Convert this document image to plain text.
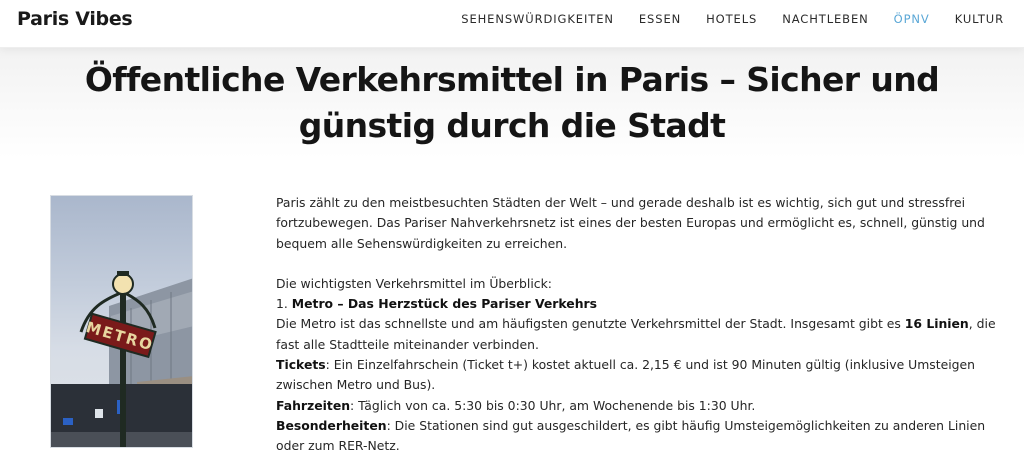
Paris Vibes	SEHENSWÜRDIGKEITEN ESSEN HOTELS NACHTLEBEN ÖPNV KULTUR
Öffentliche Verkehrsmittel in Paris – Sicher und
günstig durch die Stadt
METRO

Paris zählt zu den meistbesuchten Städten der Welt – und gerade deshalb ist es wichtig, sich gut und stressfrei fortzubewegen. Das Pariser Nahverkehrsnetz ist eines der besten Europas und ermöglicht es, schnell, günstig und bequem alle Sehenswürdigkeiten zu erreichen.

Die wichtigsten Verkehrsmittel im Überblick:

1. Metro – Das Herzstück des Pariser Verkehrs

Die Metro ist das schnellste und am häufigsten genutzte Verkehrsmittel der Stadt. Insgesamt gibt es 16 Linien, die fast alle Stadtteile miteinander verbinden.

Tickets: Ein Einzelfahrschein (Ticket t+) kostet aktuell ca. 2,15 € und ist 90 Minuten gültig (inklusive Umsteigen zwischen Metro und Bus).

Fahrzeiten: Täglich von ca. 5:30 bis 0:30 Uhr, am Wochenende bis 1:30 Uhr.

Besonderheiten: Die Stationen sind gut ausgeschildert, es gibt häufig Umsteigemöglichkeiten zu anderen Linien oder zum RER-Netz.
